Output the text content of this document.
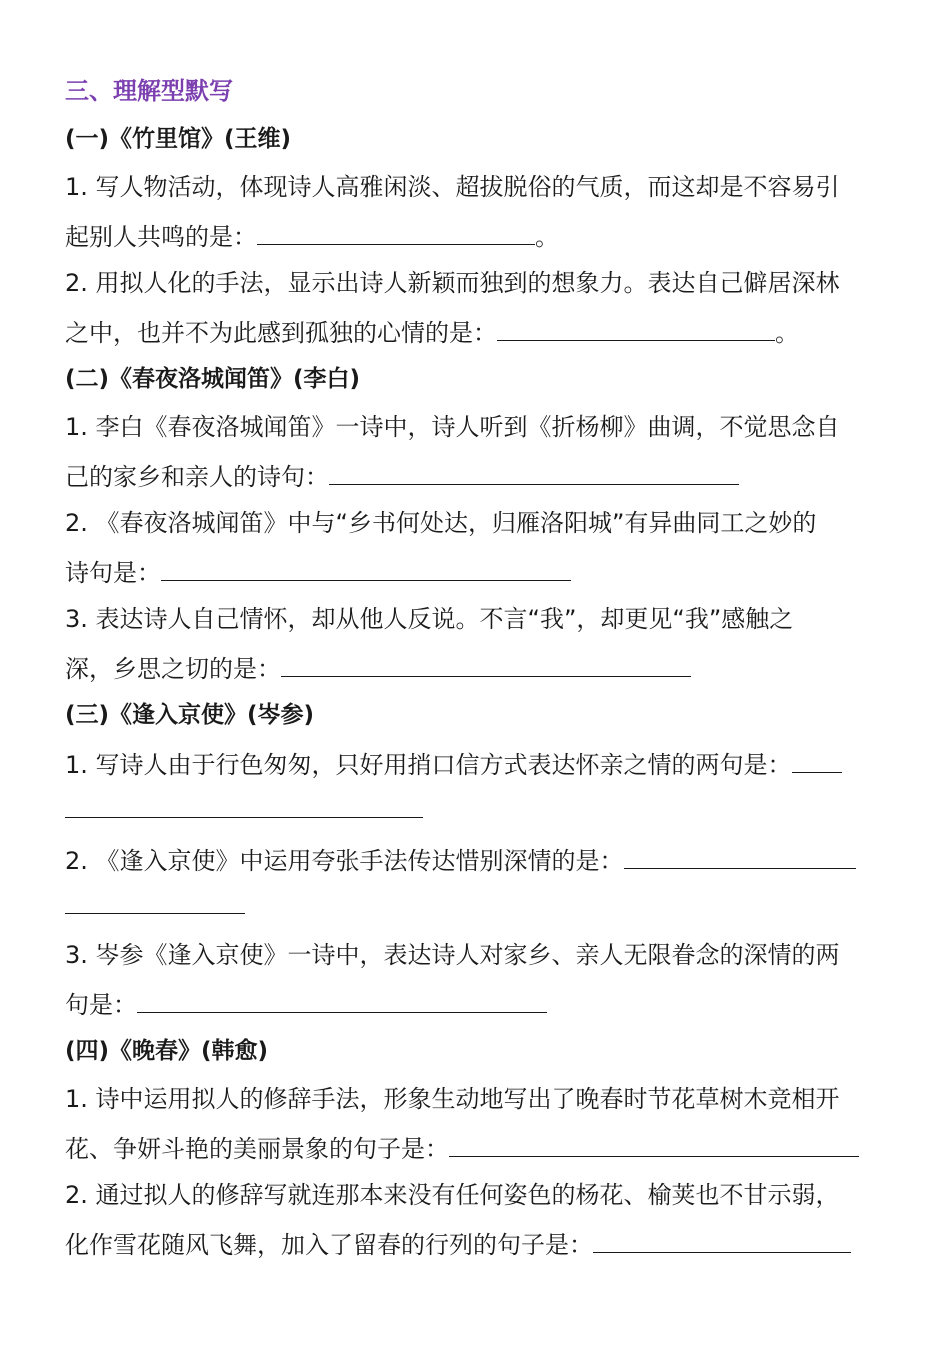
三、理解型默写
(一)《竹里馆》(王维)
1. 写人物活动，体现诗人高雅闲淡、超拔脱俗的气质，而这却是不容易引
起别人共鸣的是：	。
2. 用拟人化的手法，显示出诗人新颖而独到的想象力。表达自己僻居深林
之中，也并不为此感到孤独的心情的是：	。
(二)《春夜洛城闻笛》(李白)
1. 李白《春夜洛城闻笛》一诗中，诗人听到《折杨柳》曲调，不觉思念自
己的家乡和亲人的诗句：
2. 《春夜洛城闻笛》中与“乡书何处达，归雁洛阳城”有异曲同工之妙的
诗句是：
3. 表达诗人自己情怀，却从他人反说。不言“我”，却更见“我”感触之
深，乡思之切的是：
(三)《逢入京使》(岑参)
1. 写诗人由于行色匆匆，只好用捎口信方式表达怀亲之情的两句是：
2. 《逢入京使》中运用夸张手法传达惜别深情的是：
3. 岑参《逢入京使》一诗中，表达诗人对家乡、亲人无限眷念的深情的两
句是：
(四)《晚春》(韩愈)
1. 诗中运用拟人的修辞手法，形象生动地写出了晚春时节花草树木竞相开
花、争妍斗艳的美丽景象的句子是：
2. 通过拟人的修辞写就连那本来没有任何姿色的杨花、榆荚也不甘示弱，
化作雪花随风飞舞，加入了留春的行列的句子是：
